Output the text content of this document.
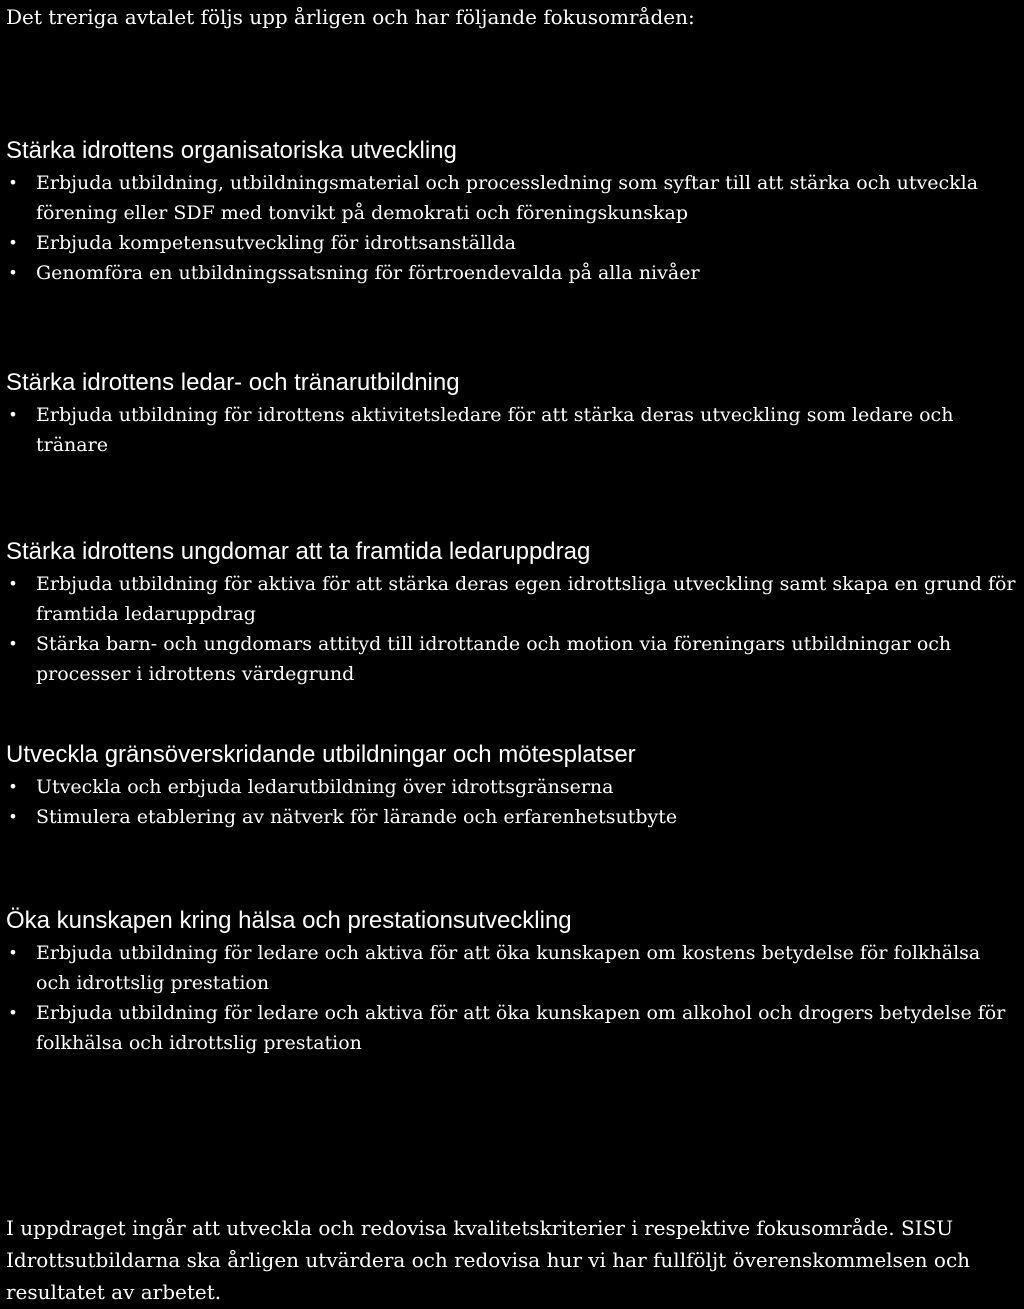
Det treriga avtalet följs upp årligen och har följande fokusområden:
Stärka idrottens organisatoriska utveckling
• Erbjuda utbildning, utbildningsmaterial och processledning som syftar till att stärka och utveckla förening eller SDF med tonvikt på demokrati och föreningskunskap
• Erbjuda kompetensutveckling för idrottsanställda
• Genomföra en utbildningssatsning för förtroendevalda på alla nivåer
Stärka idrottens ledar- och tränarutbildning
• Erbjuda utbildning för idrottens aktivitetsledare för att stärka deras utveckling som ledare och tränare
Stärka idrottens ungdomar att ta framtida ledaruppdrag
• Erbjuda utbildning för aktiva för att stärka deras egen idrottsliga utveckling samt skapa en grund för framtida ledaruppdrag
• Stärka barn- och ungdomars attityd till idrottande och motion via föreningars utbildningar och processer i idrottens värdegrund
Utveckla gränsöverskridande utbildningar och mötesplatser
• Utveckla och erbjuda ledarutbildning över idrottsgränserna
• Stimulera etablering av nätverk för lärande och erfarenhetsutbyte
Öka kunskapen kring hälsa och prestationsutveckling
• Erbjuda utbildning för ledare och aktiva för att öka kunskapen om kostens betydelse för folkhälsa och idrottslig prestation
• Erbjuda utbildning för ledare och aktiva för att öka kunskapen om alkohol och drogers betydelse för folkhälsa och idrottslig prestation
I uppdraget ingår att utveckla och redovisa kvalitetskriterier i respektive fokusområde. SISU Idrottsutbildarna ska årligen utvärdera och redovisa hur vi har fullföljt överenskommelsen och resultatet av arbetet.
